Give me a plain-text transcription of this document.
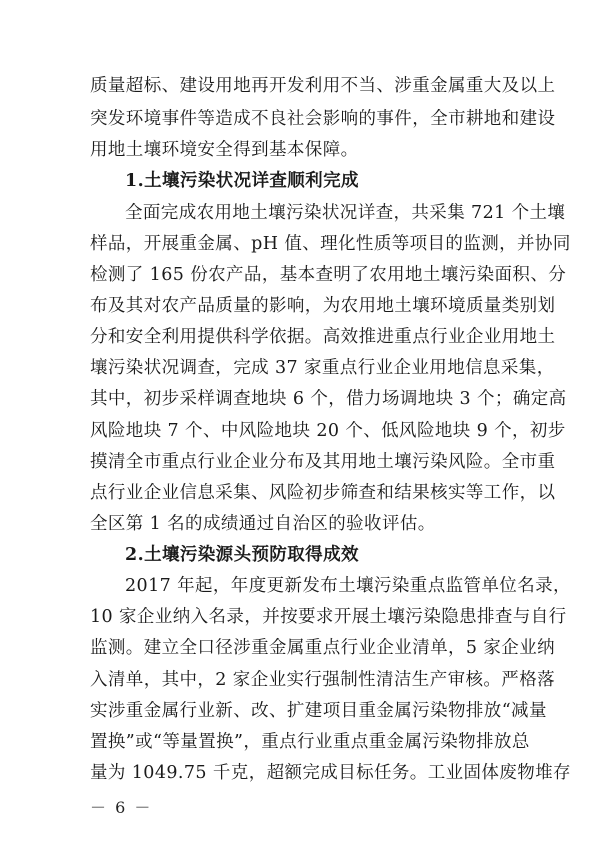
质量超标、建设用地再开发利用不当、涉重金属重大及以上
突发环境事件等造成不良社会影响的事件，全市耕地和建设
用地土壤环境安全得到基本保障。
1.土壤污染状况详查顺利完成
全面完成农用地土壤污染状况详查，共采集 721 个土壤
样品，开展重金属、pH 值、理化性质等项目的监测，并协同
检测了 165 份农产品，基本查明了农用地土壤污染面积、分
布及其对农产品质量的影响，为农用地土壤环境质量类别划
分和安全利用提供科学依据。高效推进重点行业企业用地土
壤污染状况调查，完成 37 家重点行业企业用地信息采集，
其中，初步采样调查地块 6 个，借力场调地块 3 个；确定高
风险地块 7 个、中风险地块 20 个、低风险地块 9 个，初步
摸清全市重点行业企业分布及其用地土壤污染风险。全市重
点行业企业信息采集、风险初步筛查和结果核实等工作，以
全区第 1 名的成绩通过自治区的验收评估。
2.土壤污染源头预防取得成效
2017 年起，年度更新发布土壤污染重点监管单位名录，
10 家企业纳入名录，并按要求开展土壤污染隐患排查与自行
监测。建立全口径涉重金属重点行业企业清单，5 家企业纳
入清单，其中，2 家企业实行强制性清洁生产审核。严格落
实涉重金属行业新、改、扩建项目重金属污染物排放“减量
置换”或“等量置换”，重点行业重点重金属污染物排放总
量为 1049.75 千克，超额完成目标任务。工业固体废物堆存
－ 6 －
